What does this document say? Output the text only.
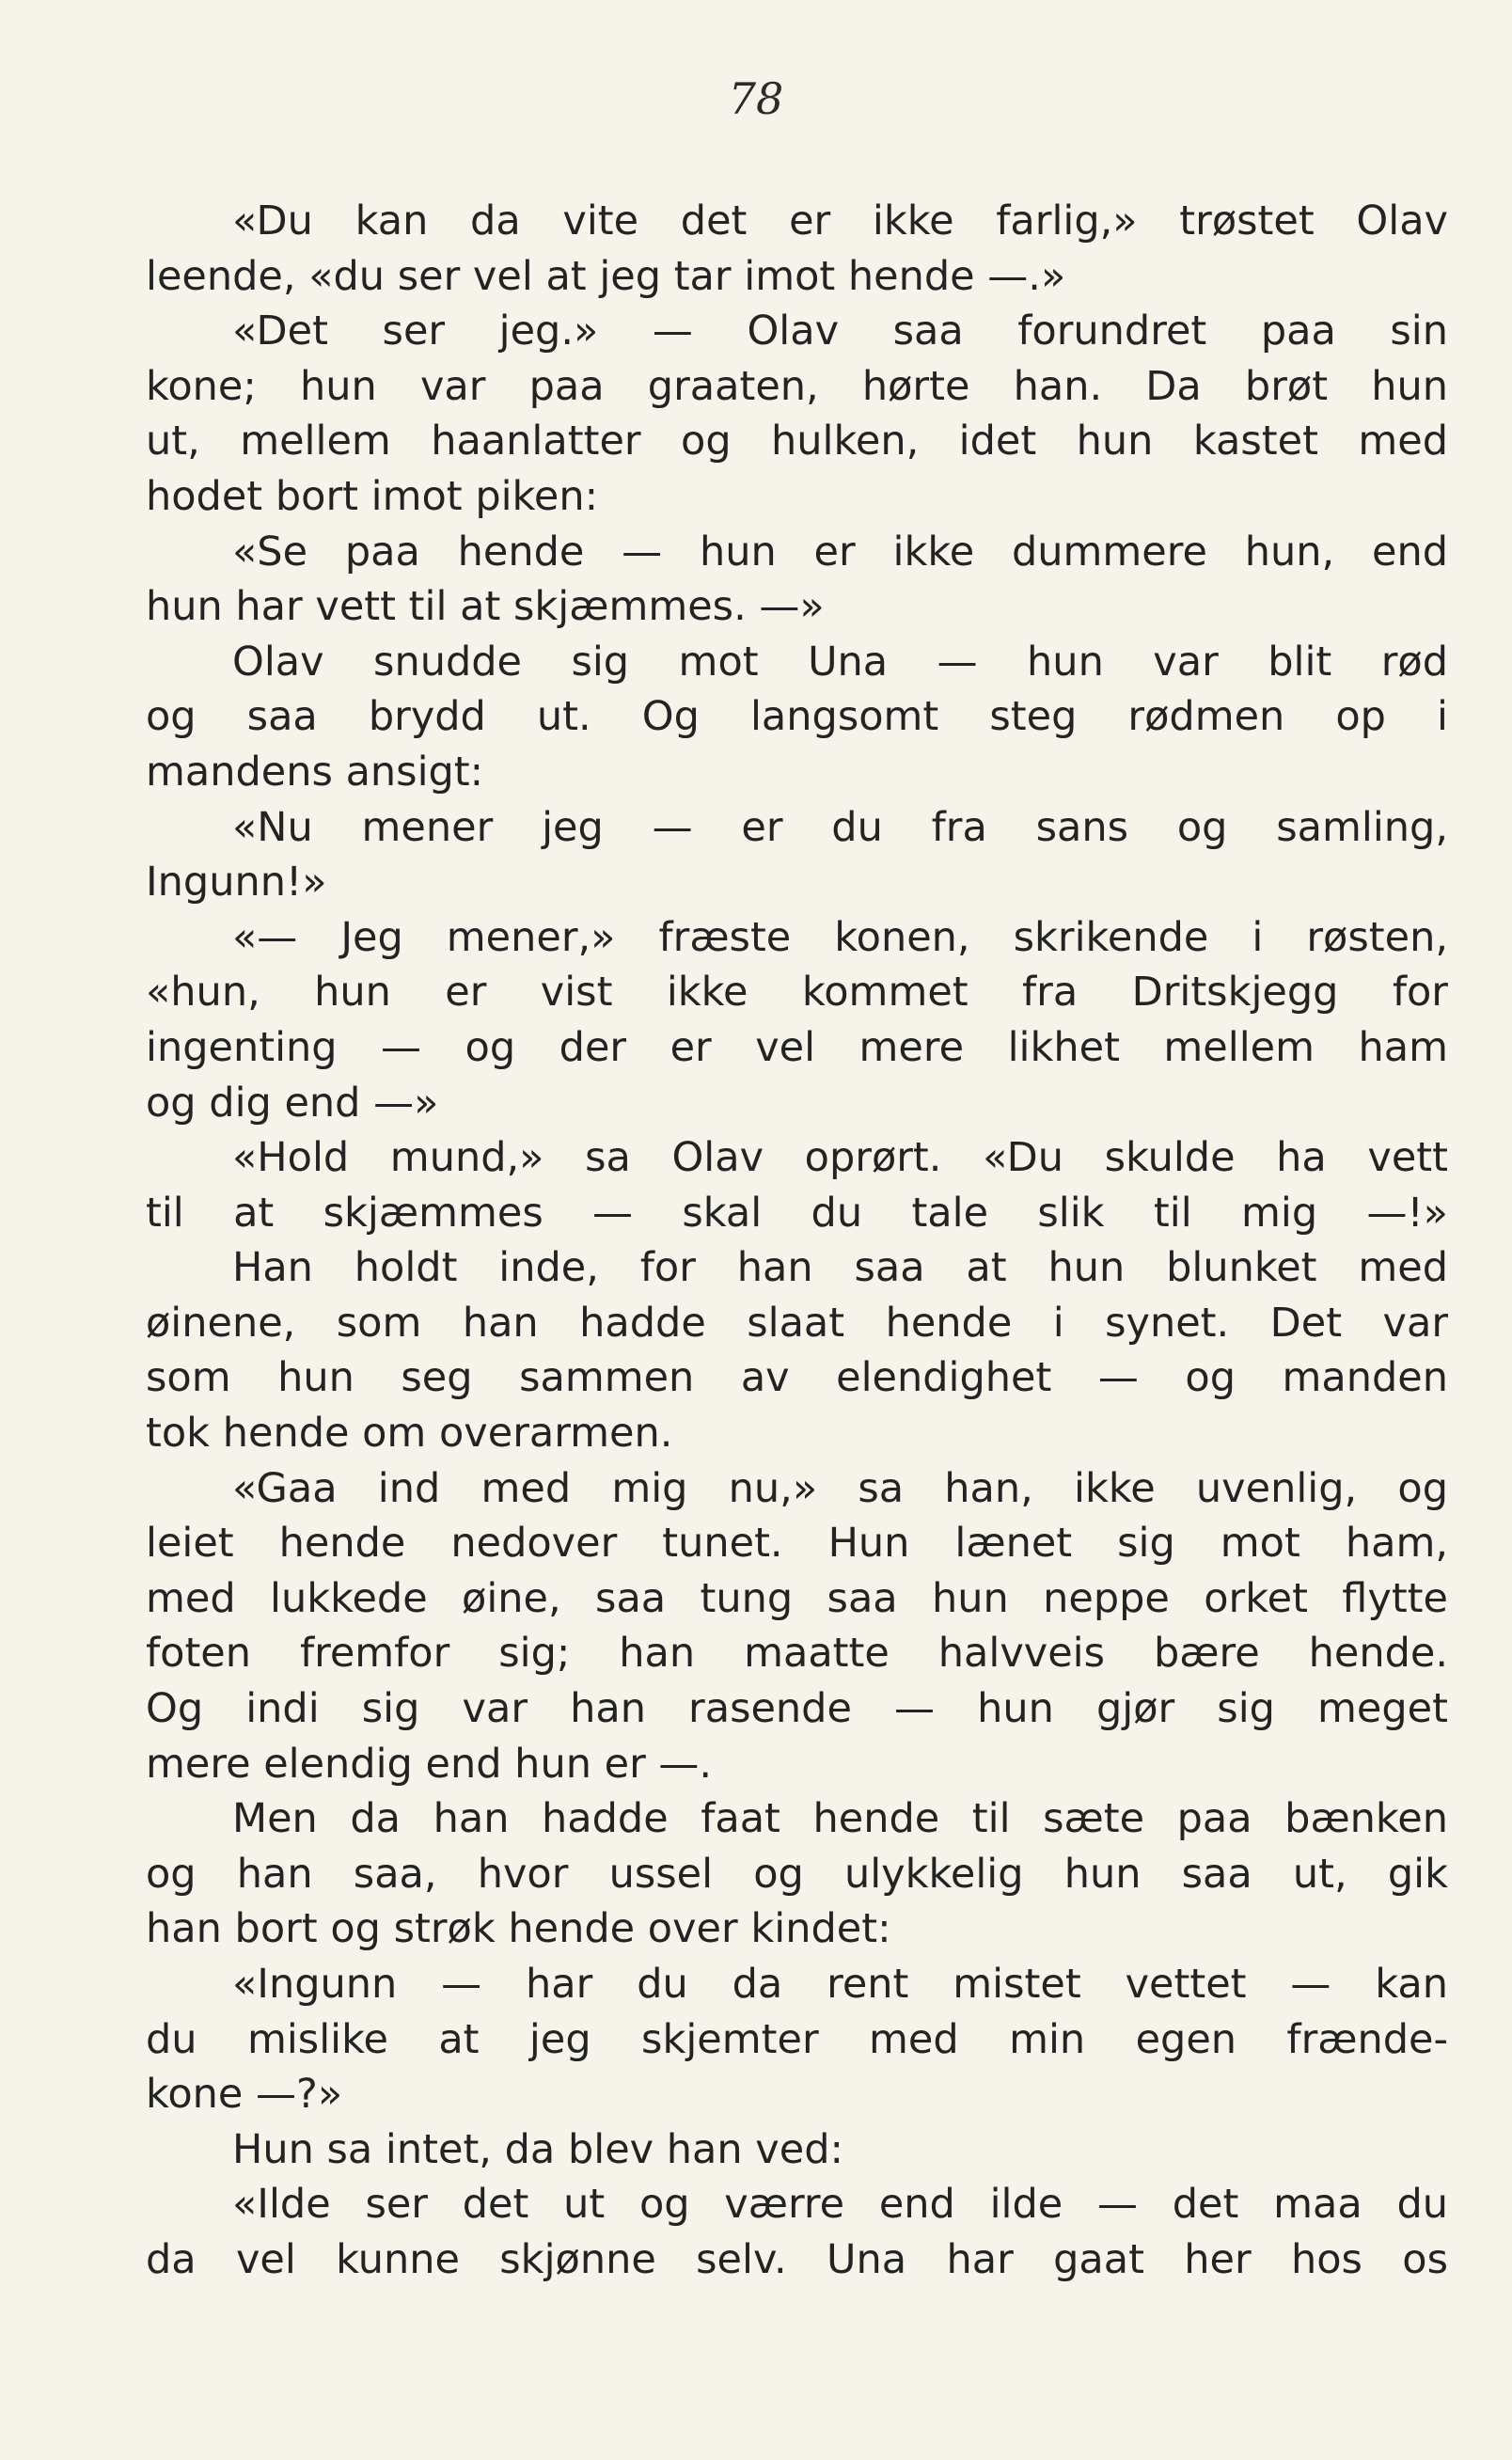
78
«Du kan da vite det er ikke farlig,» trøstet Olav
leende, «du ser vel at jeg tar imot hende —.»
«Det ser jeg.» — Olav saa forundret paa sin
kone; hun var paa graaten, hørte han. Da brøt hun
ut, mellem haanlatter og hulken, idet hun kastet med
hodet bort imot piken:
«Se paa hende — hun er ikke dummere hun, end
hun har vett til at skjæmmes. —»
Olav snudde sig mot Una — hun var blit rød
og saa brydd ut. Og langsomt steg rødmen op i
mandens ansigt:
«Nu mener jeg — er du fra sans og samling,
Ingunn!»
«— Jeg mener,» fræste konen, skrikende i røsten,
«hun, hun er vist ikke kommet fra Dritskjegg for
ingenting — og der er vel mere likhet mellem ham
og dig end —»
«Hold mund,» sa Olav oprørt. «Du skulde ha vett
til at skjæmmes — skal du tale slik til mig —!»
Han holdt inde, for han saa at hun blunket med
øinene, som han hadde slaat hende i synet. Det var
som hun seg sammen av elendighet — og manden
tok hende om overarmen.
«Gaa ind med mig nu,» sa han, ikke uvenlig, og
leiet hende nedover tunet. Hun lænet sig mot ham,
med lukkede øine, saa tung saa hun neppe orket flytte
foten fremfor sig; han maatte halvveis bære hende.
Og indi sig var han rasende — hun gjør sig meget
mere elendig end hun er —.
Men da han hadde faat hende til sæte paa bænken
og han saa, hvor ussel og ulykkelig hun saa ut, gik
han bort og strøk hende over kindet:
«Ingunn — har du da rent mistet vettet — kan
du mislike at jeg skjemter med min egen frænde-
kone —?»
Hun sa intet, da blev han ved:
«Ilde ser det ut og værre end ilde — det maa du
da vel kunne skjønne selv. Una har gaat her hos os
